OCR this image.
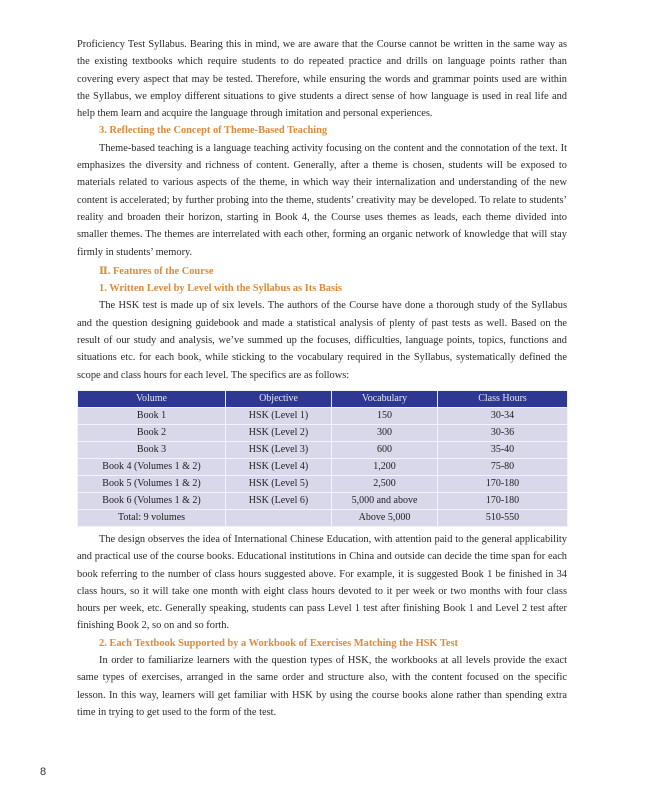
Proficiency Test Syllabus. Bearing this in mind, we are aware that the Course cannot be written in the same way as the existing textbooks which require students to do repeated practice and drills on language points rather than covering every aspect that may be tested. Therefore, while ensuring the words and grammar points used are within the Syllabus, we employ different situations to give students a direct sense of how language is used in real life and help them learn and acquire the language through imitation and personal experiences.

3. Reflecting the Concept of Theme-Based Teaching

Theme-based teaching is a language teaching activity focusing on the content and the connotation of the text. It emphasizes the diversity and richness of content. Generally, after a theme is chosen, students will be exposed to materials related to various aspects of the theme, in which way their internalization and understanding of the new content is accelerated; by further probing into the theme, students’ creativity may be developed. To relate to students’ reality and broaden their horizon, starting in Book 4, the Course uses themes as leads, each theme divided into smaller themes. The themes are interrelated with each other, forming an organic network of knowledge that will stay firmly in students’ memory.

Ⅱ. Features of the Course

1. Written Level by Level with the Syllabus as Its Basis

The HSK test is made up of six levels. The authors of the Course have done a thorough study of the Syllabus and the question designing guidebook and made a statistical analysis of plenty of past tests as well. Based on the result of our study and analysis, we’ve summed up the focuses, difficulties, language points, topics, functions and situations etc. for each book, while sticking to the vocabulary required in the Syllabus, systematically defined the scope and class hours for each level. The specifics are as follows:

Volume	Objective	Vocabulary	Class Hours
Book 1	HSK (Level 1)	150	30-34
Book 2	HSK (Level 2)	300	30-36
Book 3	HSK (Level 3)	600	35-40
Book 4 (Volumes 1 & 2)	HSK (Level 4)	1,200	75-80
Book 5 (Volumes 1 & 2)	HSK (Level 5)	2,500	170-180
Book 6 (Volumes 1 & 2)	HSK (Level 6)	5,000 and above	170-180
Total: 9 volumes		Above 5,000	510-550

The design observes the idea of International Chinese Education, with attention paid to the general applicability and practical use of the course books. Educational institutions in China and outside can decide the time span for each book referring to the number of class hours suggested above. For example, it is suggested Book 1 be finished in 34 class hours, so it will take one month with eight class hours devoted to it per week or two months with four class hours per week, etc. Generally speaking, students can pass Level 1 test after finishing Book 1 and Level 2 test after finishing Book 2, so on and so forth.

2. Each Textbook Supported by a Workbook of Exercises Matching the HSK Test

In order to familiarize learners with the question types of HSK, the workbooks at all levels provide the exact same types of exercises, arranged in the same order and structure also, with the content focused on the specific lesson. In this way, learners will get familiar with HSK by using the course books alone rather than spending extra time in trying to get used to the form of the test.

8
